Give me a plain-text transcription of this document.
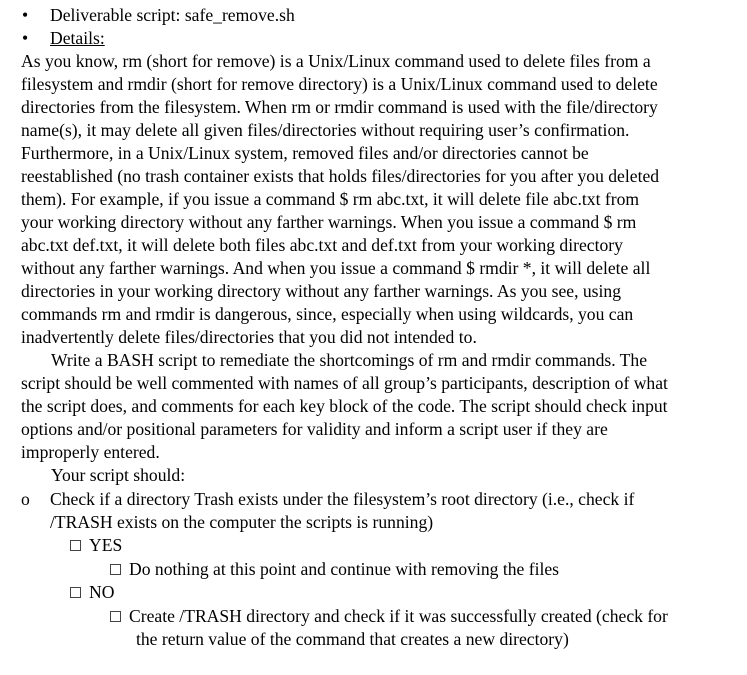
• Deliverable script: safe_remove.sh
• Details:
As you know, rm (short for remove) is a Unix/Linux command used to delete files from a
filesystem and rmdir (short for remove directory) is a Unix/Linux command used to delete
directories from the filesystem. When rm or rmdir command is used with the file/directory
name(s), it may delete all given files/directories without requiring user’s confirmation.
Furthermore, in a Unix/Linux system, removed files and/or directories cannot be
reestablished (no trash container exists that holds files/directories for you after you deleted
them). For example, if you issue a command $ rm abc.txt, it will delete file abc.txt from
your working directory without any farther warnings. When you issue a command $ rm
abc.txt def.txt, it will delete both files abc.txt and def.txt from your working directory
without any farther warnings. And when you issue a command $ rmdir *, it will delete all
directories in your working directory without any farther warnings. As you see, using
commands rm and rmdir is dangerous, since, especially when using wildcards, you can
inadvertently delete files/directories that you did not intended to.
Write a BASH script to remediate the shortcomings of rm and rmdir commands. The
script should be well commented with names of all group’s participants, description of what
the script does, and comments for each key block of the code. The script should check input
options and/or positional parameters for validity and inform a script user if they are
improperly entered.
Your script should:
o Check if a directory Trash exists under the filesystem’s root directory (i.e., check if
/TRASH exists on the computer the scripts is running)
YES
Do nothing at this point and continue with removing the files
NO
Create /TRASH directory and check if it was successfully created (check for
the return value of the command that creates a new directory)
